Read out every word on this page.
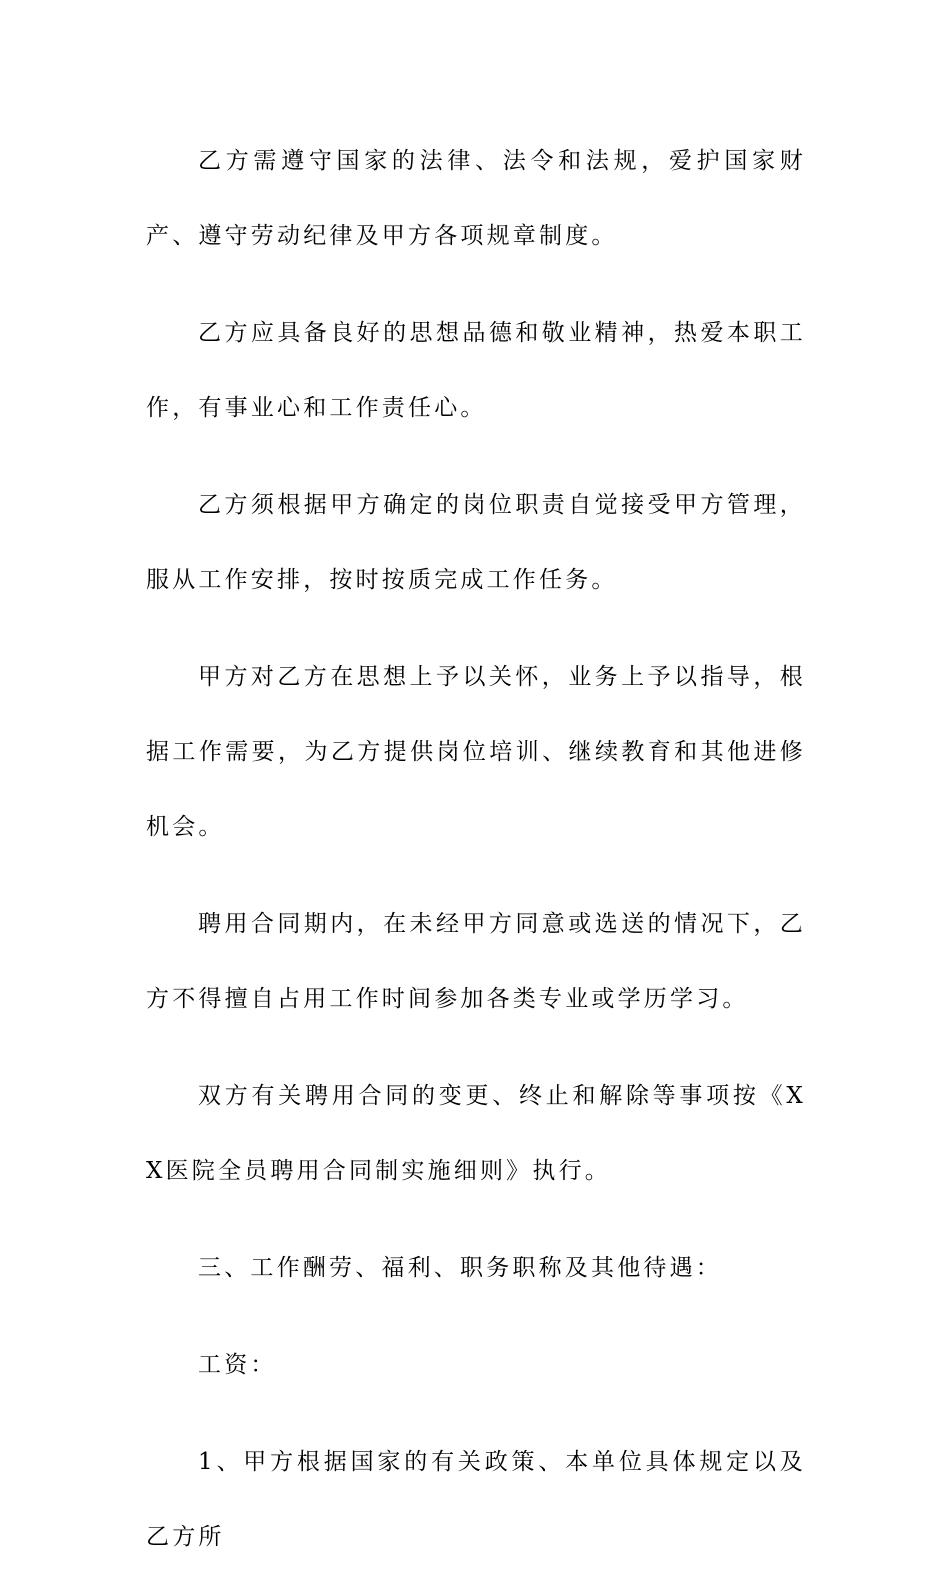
乙方需遵守国家的法律、法令和法规，爱护国家财产、遵守劳动纪律及甲方各项规章制度。

乙方应具备良好的思想品德和敬业精神，热爱本职工作，有事业心和工作责任心。

乙方须根据甲方确定的岗位职责自觉接受甲方管理，服从工作安排，按时按质完成工作任务。

甲方对乙方在思想上予以关怀，业务上予以指导，根据工作需要，为乙方提供岗位培训、继续教育和其他进修机会。

聘用合同期内，在未经甲方同意或选送的情况下，乙方不得擅自占用工作时间参加各类专业或学历学习。

双方有关聘用合同的变更、终止和解除等事项按《XX医院全员聘用合同制实施细则》执行。

三、工作酬劳、福利、职务职称及其他待遇：

工资：

1、甲方根据国家的有关政策、本单位具体规定以及乙方所
